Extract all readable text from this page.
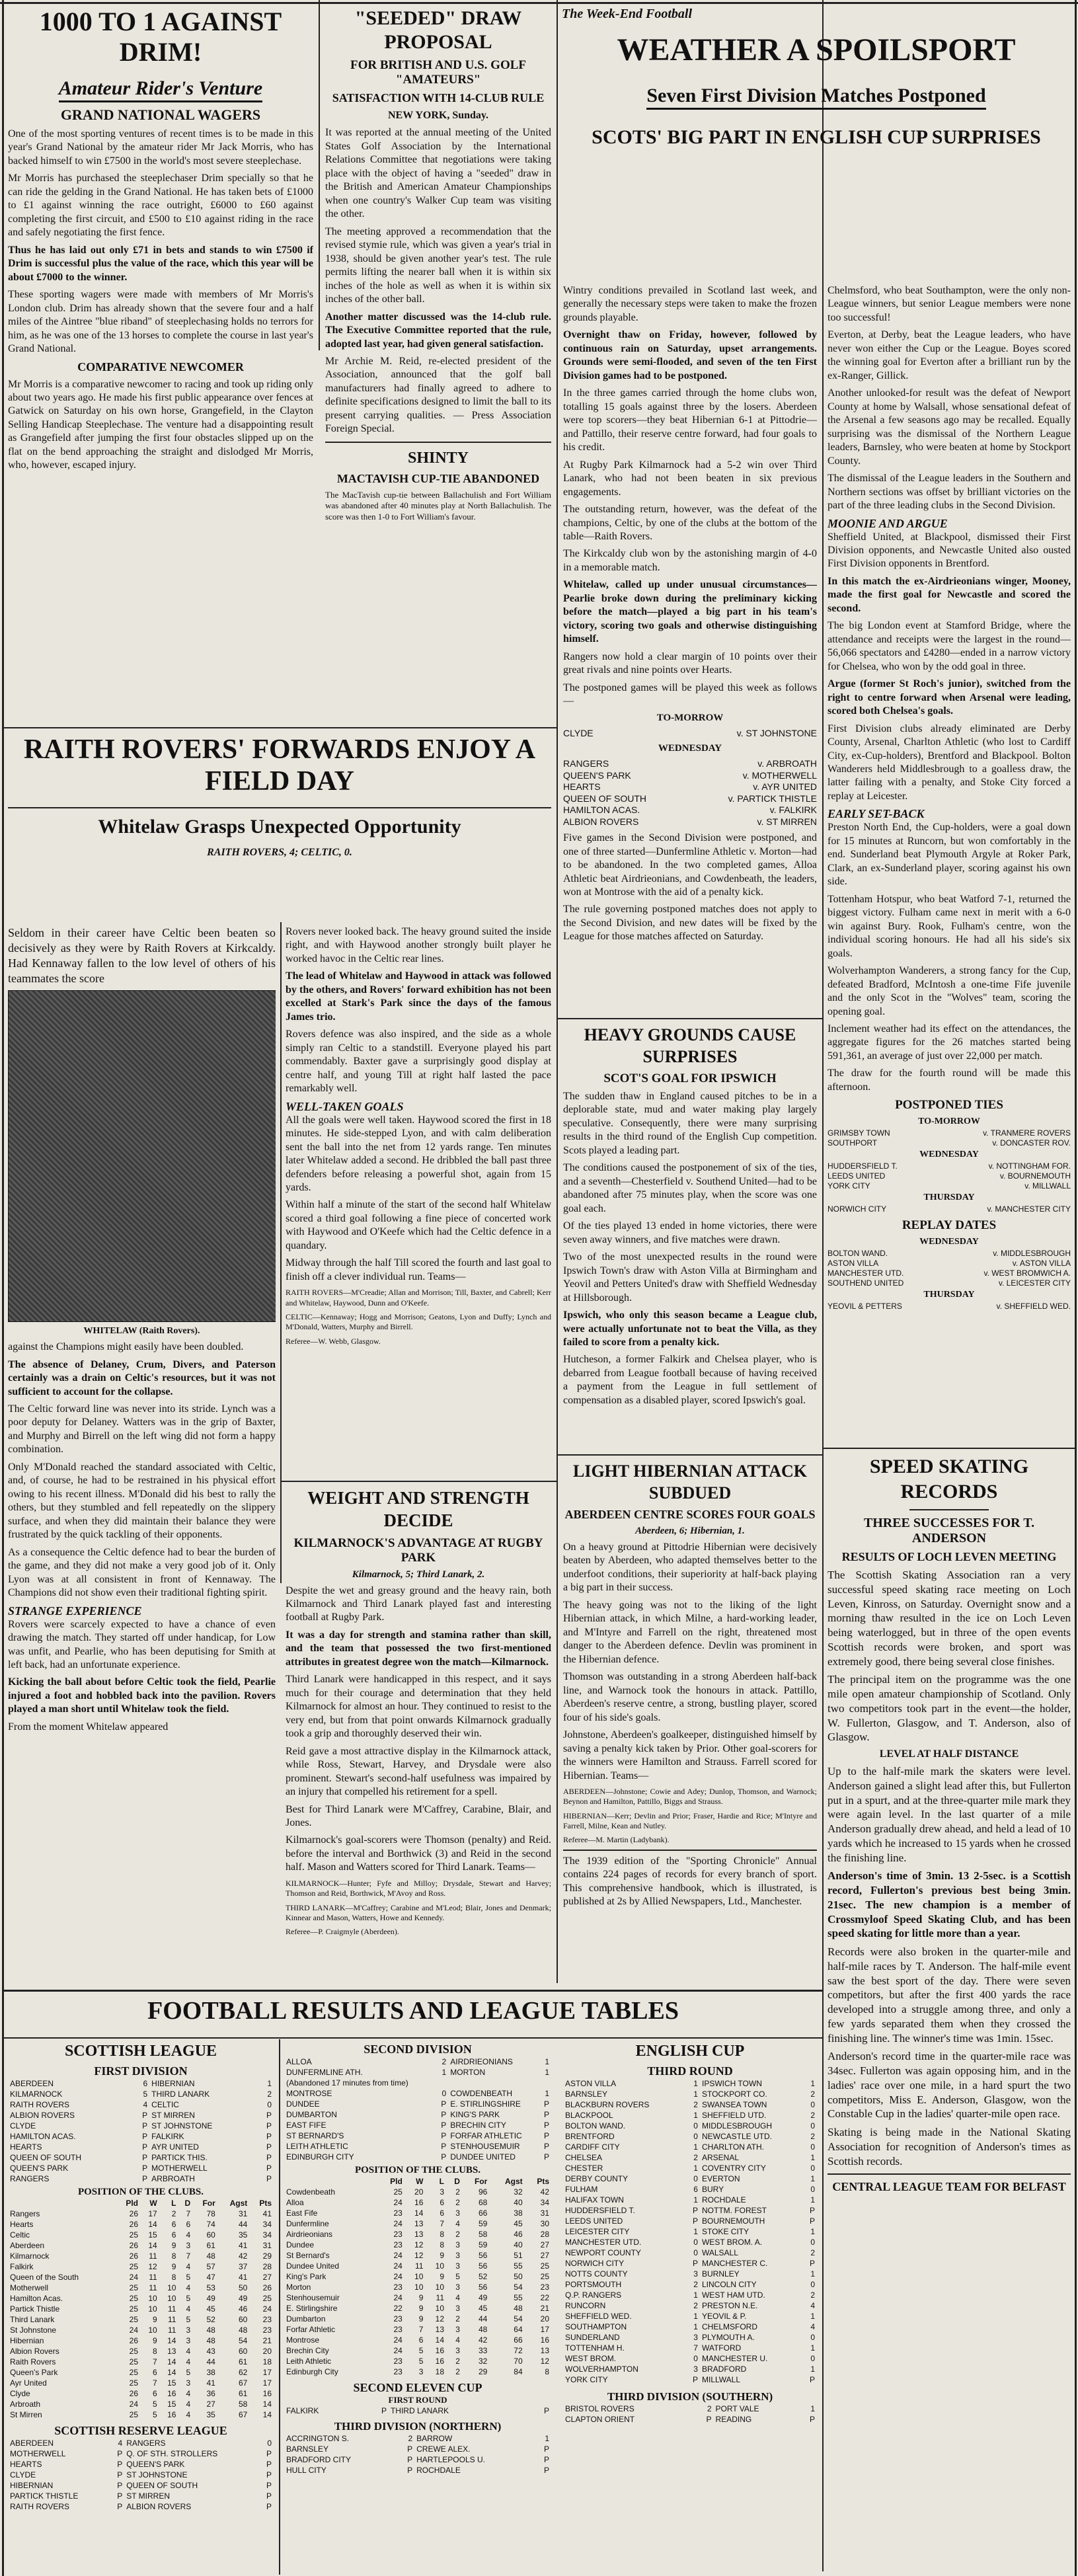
1000 TO 1 AGAINST DRIM!
Amateur Rider's Venture
GRAND NATIONAL WAGERS

One of the most sporting ventures of recent times is to be made in this year's Grand National by the amateur rider Mr Jack Morris, who has backed himself to win £7500 in the world's most severe steeplechase.

Mr Morris has purchased the steeplechaser Drim specially so that he can ride the gelding in the Grand National. He has taken bets of £1000 to £1 against winning the race outright, £6000 to £60 against completing the first circuit, and £500 to £10 against riding in the race and safely negotiating the first fence.

Thus he has laid out only £71 in bets and stands to win £7500 if Drim is successful plus the value of the race, which this year will be about £7000 to the winner.

These sporting wagers were made with members of Mr Morris's London club. Drim has already shown that the severe four and a half miles of the Aintree "blue riband" of steeplechasing holds no terrors for him, as he was one of the 13 horses to complete the course in last year's Grand National.

COMPARATIVE NEWCOMER

Mr Morris is a comparative newcomer to racing and took up riding only about two years ago. He made his first public appearance over fences at Gatwick on Saturday on his own horse, Grangefield, in the Clayton Selling Handicap Steeplechase. The venture had a disappointing result as Grangefield after jumping the first four obstacles slipped up on the flat on the bend approaching the straight and dislodged Mr Morris, who, however, escaped injury.

"SEEDED" DRAW PROPOSAL
FOR BRITISH AND U.S. GOLF "AMATEURS"
SATISFACTION WITH 14-CLUB RULE

NEW YORK, Sunday.

It was reported at the annual meeting of the United States Golf Association by the International Relations Committee that negotiations were taking place with the object of having a "seeded" draw in the British and American Amateur Championships when one country's Walker Cup team was visiting the other.

The meeting approved a recommendation that the revised stymie rule, which was given a year's trial in 1938, should be given another year's test. The rule permits lifting the nearer ball when it is within six inches of the hole as well as when it is within six inches of the other ball.

Another matter discussed was the 14-club rule. The Executive Committee reported that the rule, adopted last year, had given general satisfaction.

Mr Archie M. Reid, re-elected president of the Association, announced that the golf ball manufacturers had finally agreed to adhere to definite specifications designed to limit the ball to its present carrying qualities. — Press Association Foreign Special.

SHINTY
MACTAVISH CUP-TIE ABANDONED

The MacTavish cup-tie between Ballachulish and Fort William was abandoned after 40 minutes play at North Ballachulish. The score was then 1-0 to Fort William's favour.

The Week-End Football
WEATHER A SPOILSPORT
Seven First Division Matches Postponed
SCOTS' BIG PART IN ENGLISH CUP SURPRISES

Wintry conditions prevailed in Scotland last week, and generally the necessary steps were taken to make the frozen grounds playable.

Overnight thaw on Friday, however, followed by continuous rain on Saturday, upset arrangements. Grounds were semi-flooded, and seven of the ten First Division games had to be postponed.

In the three games carried through the home clubs won, totalling 15 goals against three by the losers. Aberdeen were top scorers—they beat Hibernian 6-1 at Pittodrie—and Pattillo, their reserve centre forward, had four goals to his credit.

At Rugby Park Kilmarnock had a 5-2 win over Third Lanark, who had not been beaten in six previous engagements.

The outstanding return, however, was the defeat of the champions, Celtic, by one of the clubs at the bottom of the table—Raith Rovers.

The Kirkcaldy club won by the astonishing margin of 4-0 in a memorable match.

Whitelaw, called up under unusual circumstances—Pearlie broke down during the preliminary kicking before the match—played a big part in his team's victory, scoring two goals and otherwise distinguishing himself.

Rangers now hold a clear margin of 10 points over their great rivals and nine points over Hearts.

The postponed games will be played this week as follows —

TO-MORROW
CLYDE	v. ST JOHNSTONE
WEDNESDAY
RANGERS	v. ARBROATH
QUEEN'S PARK	v. MOTHERWELL
HEARTS	v. AYR UNITED
QUEEN OF SOUTH	v. PARTICK THISTLE
HAMILTON ACAS.	v. FALKIRK
ALBION ROVERS	v. ST MIRREN

Five games in the Second Division were postponed, and one of three started—Dunfermline Athletic v. Morton—had to be abandoned. In the two completed games, Alloa Athletic beat Airdrieonians, and Cowdenbeath, the leaders, won at Montrose with the aid of a penalty kick.

The rule governing postponed matches does not apply to the Second Division, and new dates will be fixed by the League for those matches affected on Saturday.

Chelmsford, who beat Southampton, were the only non-League winners, but senior League members were none too successful!

Everton, at Derby, beat the League leaders, who have never won either the Cup or the League. Boyes scored the winning goal for Everton after a brilliant run by the ex-Ranger, Gillick.

Another unlooked-for result was the defeat of Newport County at home by Walsall, whose sensational defeat of the Arsenal a few seasons ago may be recalled. Equally surprising was the dismissal of the Northern League leaders, Barnsley, who were beaten at home by Stockport County.

The dismissal of the League leaders in the Southern and Northern sections was offset by brilliant victories on the part of the three leading clubs in the Second Division.

MOONIE AND ARGUE

Sheffield United, at Blackpool, dismissed their First Division opponents, and Newcastle United also ousted First Division opponents in Brentford.

In this match the ex-Airdrieonians winger, Mooney, made the first goal for Newcastle and scored the second.

The big London event at Stamford Bridge, where the attendance and receipts were the largest in the round—56,066 spectators and £4280—ended in a narrow victory for Chelsea, who won by the odd goal in three.

Argue (former St Roch's junior), switched from the right to centre forward when Arsenal were leading, scored both Chelsea's goals.

First Division clubs already eliminated are Derby County, Arsenal, Charlton Athletic (who lost to Cardiff City, ex-Cup-holders), Brentford and Blackpool. Bolton Wanderers held Middlesbrough to a goalless draw, the latter failing with a penalty, and Stoke City forced a replay at Leicester.

EARLY SET-BACK

Preston North End, the Cup-holders, were a goal down for 15 minutes at Runcorn, but won comfortably in the end. Sunderland beat Plymouth Argyle at Roker Park, Clark, an ex-Sunderland player, scoring against his own side.

Tottenham Hotspur, who beat Watford 7-1, returned the biggest victory. Fulham came next in merit with a 6-0 win against Bury. Rook, Fulham's centre, won the individual scoring honours. He had all his side's six goals.

Wolverhampton Wanderers, a strong fancy for the Cup, defeated Bradford, McIntosh a one-time Fife juvenile and the only Scot in the "Wolves" team, scoring the opening goal.

Inclement weather had its effect on the attendances, the aggregate figures for the 26 matches started being 591,361, an average of just over 22,000 per match.

The draw for the fourth round will be made this afternoon.

POSTPONED TIES
TO-MORROW
GRIMSBY TOWN	v. TRANMERE ROVERS
SOUTHPORT	v. DONCASTER ROV.
WEDNESDAY
HUDDERSFIELD T.	v. NOTTINGHAM FOR.
LEEDS UNITED	v. BOURNEMOUTH
YORK CITY	v. MILLWALL
THURSDAY
NORWICH CITY	v. MANCHESTER CITY
REPLAY DATES
WEDNESDAY
BOLTON WAND.	v. MIDDLESBROUGH
ASTON VILLA	v. ASTON VILLA
MANCHESTER UTD.	v. WEST BROMWICH A.
SOUTHEND UNITED	v. LEICESTER CITY
THURSDAY
YEOVIL & PETTERS	v. SHEFFIELD WED.
RAITH ROVERS' FORWARDS ENJOY A FIELD DAY
Whitelaw Grasps Unexpected Opportunity
RAITH ROVERS, 4; CELTIC, 0.

Seldom in their career have Celtic been beaten so decisively as they were by Raith Rovers at Kirkcaldy. Had Kennaway fallen to the low level of others of his teammates the score

WHITELAW (Raith Rovers).

against the Champions might easily have been doubled.

The absence of Delaney, Crum, Divers, and Paterson certainly was a drain on Celtic's resources, but it was not sufficient to account for the collapse.

The Celtic forward line was never into its stride. Lynch was a poor deputy for Delaney. Watters was in the grip of Baxter, and Murphy and Birrell on the left wing did not form a happy combination.

Only M'Donald reached the standard associated with Celtic, and, of course, he had to be restrained in his physical effort owing to his recent illness. M'Donald did his best to rally the others, but they stumbled and fell repeatedly on the slippery surface, and when they did maintain their balance they were frustrated by the quick tackling of their opponents.

As a consequence the Celtic defence had to bear the burden of the game, and they did not make a very good job of it. Only Lyon was at all consistent in front of Kennaway. The Champions did not show even their traditional fighting spirit.

STRANGE EXPERIENCE

Rovers were scarcely expected to have a chance of even drawing the match. They started off under handicap, for Low was unfit, and Pearlie, who has been deputising for Smith at left back, had an unfortunate experience.

Kicking the ball about before Celtic took the field, Pearlie injured a foot and hobbled back into the pavilion. Rovers played a man short until Whitelaw took the field.

From the moment Whitelaw appeared

Rovers never looked back. The heavy ground suited the inside right, and with Haywood another strongly built player he worked havoc in the Celtic rear lines.

The lead of Whitelaw and Haywood in attack was followed by the others, and Rovers' forward exhibition has not been excelled at Stark's Park since the days of the famous James trio.

Rovers defence was also inspired, and the side as a whole simply ran Celtic to a standstill. Everyone played his part commendably. Baxter gave a surprisingly good display at centre half, and young Till at right half lasted the pace remarkably well.

WELL-TAKEN GOALS

All the goals were well taken. Haywood scored the first in 18 minutes. He side-stepped Lyon, and with calm deliberation sent the ball into the net from 12 yards range. Ten minutes later Whitelaw added a second. He dribbled the ball past three defenders before releasing a powerful shot, again from 15 yards.

Within half a minute of the start of the second half Whitelaw scored a third goal following a fine piece of concerted work with Haywood and O'Keefe which had the Celtic defence in a quandary.

Midway through the half Till scored the fourth and last goal to finish off a clever individual run. Teams—

RAITH ROVERS—M'Creadie; Allan and Morrison; Till, Baxter, and Cabrell; Kerr and Whitelaw, Haywood, Dunn and O'Keefe.

CELTIC—Kennaway; Hogg and Morrison; Geatons, Lyon and Duffy; Lynch and M'Donald, Watters, Murphy and Birrell.

Referee—W. Webb, Glasgow.

WEIGHT AND STRENGTH DECIDE
KILMARNOCK'S ADVANTAGE AT RUGBY PARK
Kilmarnock, 5; Third Lanark, 2.

Despite the wet and greasy ground and the heavy rain, both Kilmarnock and Third Lanark played fast and interesting football at Rugby Park.

It was a day for strength and stamina rather than skill, and the team that possessed the two first-mentioned attributes in greatest degree won the match—Kilmarnock.

Third Lanark were handicapped in this respect, and it says much for their courage and determination that they held Kilmarnock for almost an hour. They continued to resist to the very end, but from that point onwards Kilmarnock gradually took a grip and thoroughly deserved their win.

Reid gave a most attractive display in the Kilmarnock attack, while Ross, Stewart, Harvey, and Drysdale were also prominent. Stewart's second-half usefulness was impaired by an injury that compelled his retirement for a spell.

Best for Third Lanark were M'Caffrey, Carabine, Blair, and Jones.

Kilmarnock's goal-scorers were Thomson (penalty) and Reid. before the interval and Borthwick (3) and Reid in the second half. Mason and Watters scored for Third Lanark. Teams—

KILMARNOCK—Hunter; Fyfe and Milloy; Drysdale, Stewart and Harvey; Thomson and Reid, Borthwick, M'Avoy and Ross.

THIRD LANARK—M'Caffrey; Carabine and M'Leod; Blair, Jones and Denmark; Kinnear and Mason, Watters, Howe and Kennedy.

Referee—P. Craigmyle (Aberdeen).

HEAVY GROUNDS CAUSE SURPRISES
SCOT'S GOAL FOR IPSWICH

The sudden thaw in England caused pitches to be in a deplorable state, mud and water making play largely speculative. Consequently, there were many surprising results in the third round of the English Cup competition. Scots played a leading part.

The conditions caused the postponement of six of the ties, and a seventh—Chesterfield v. Southend United—had to be abandoned after 75 minutes play, when the score was one goal each.

Of the ties played 13 ended in home victories, there were seven away winners, and five matches were drawn.

Two of the most unexpected results in the round were Ipswich Town's draw with Aston Villa at Birmingham and Yeovil and Petters United's draw with Sheffield Wednesday at Hillsborough.

Ipswich, who only this season became a League club, were actually unfortunate not to beat the Villa, as they failed to score from a penalty kick.

Hutcheson, a former Falkirk and Chelsea player, who is debarred from League football because of having received a payment from the League in full settlement of compensation as a disabled player, scored Ipswich's goal.

LIGHT HIBERNIAN ATTACK SUBDUED
ABERDEEN CENTRE SCORES FOUR GOALS
Aberdeen, 6; Hibernian, 1.

On a heavy ground at Pittodrie Hibernian were decisively beaten by Aberdeen, who adapted themselves better to the underfoot conditions, their superiority at half-back playing a big part in their success.

The heavy going was not to the liking of the light Hibernian attack, in which Milne, a hard-working leader, and M'Intyre and Farrell on the right, threatened most danger to the Aberdeen defence. Devlin was prominent in the Hibernian defence.

Thomson was outstanding in a strong Aberdeen half-back line, and Warnock took the honours in attack. Pattillo, Aberdeen's reserve centre, a strong, bustling player, scored four of his side's goals.

Johnstone, Aberdeen's goalkeeper, distinguished himself by saving a penalty kick taken by Prior. Other goal-scorers for the winners were Hamilton and Strauss. Farrell scored for Hibernian. Teams—

ABERDEEN—Johnstone; Cowie and Adey; Dunlop, Thomson, and Warnock; Beynon and Hamilton, Pattillo, Biggs and Strauss.

HIBERNIAN—Kerr; Devlin and Prior; Fraser, Hardie and Rice; M'Intyre and Farrell, Milne, Kean and Nutley.

Referee—M. Martin (Ladybank).

The 1939 edition of the "Sporting Chronicle" Annual contains 224 pages of records for every branch of sport. This comprehensive handbook, which is illustrated, is published at 2s by Allied Newspapers, Ltd., Manchester.

SPEED SKATING RECORDS
THREE SUCCESSES FOR T. ANDERSON
RESULTS OF LOCH LEVEN MEETING

The Scottish Skating Association ran a very successful speed skating race meeting on Loch Leven, Kinross, on Saturday. Overnight snow and a morning thaw resulted in the ice on Loch Leven being waterlogged, but in three of the open events Scottish records were broken, and sport was extremely good, there being several close finishes.

The principal item on the programme was the one mile open amateur championship of Scotland. Only two competitors took part in the event—the holder, W. Fullerton, Glasgow, and T. Anderson, also of Glasgow.

LEVEL AT HALF DISTANCE

Up to the half-mile mark the skaters were level. Anderson gained a slight lead after this, but Fullerton put in a spurt, and at the three-quarter mile mark they were again level. In the last quarter of a mile Anderson gradually drew ahead, and held a lead of 10 yards which he increased to 15 yards when he crossed the finishing line.

Anderson's time of 3min. 13 2-5sec. is a Scottish record, Fullerton's previous best being 3min. 21sec. The new champion is a member of Crossmyloof Speed Skating Club, and has been speed skating for little more than a year.

Records were also broken in the quarter-mile and half-mile races by T. Anderson. The half-mile event saw the best sport of the day. There were seven competitors, but after the first 400 yards the race developed into a struggle among three, and only a few yards separated them when they crossed the finishing line. The winner's time was 1min. 15sec.

Anderson's record time in the quarter-mile race was 34sec. Fullerton was again opposing him, and in the ladies' race over one mile, in a hard spurt the two competitors, Miss E. Anderson, Glasgow, won the Constable Cup in the ladies' quarter-mile open race.

Skating is being made in the National Skating Association for recognition of Anderson's times as Scottish records.

CENTRAL LEAGUE TEAM FOR BELFAST
FOOTBALL RESULTS AND LEAGUE TABLES
SCOTTISH LEAGUE
FIRST DIVISION
ABERDEEN	6	HIBERNIAN	1
KILMARNOCK	5	THIRD LANARK	2
RAITH ROVERS	4	CELTIC	0
ALBION ROVERS	P	ST MIRREN	P
CLYDE	P	ST JOHNSTONE	P
HAMILTON ACAS.	P	FALKIRK	P
HEARTS	P	AYR UNITED	P
QUEEN OF SOUTH	P	PARTICK THIS.	P
QUEEN'S PARK	P	MOTHERWELL	P
RANGERS	P	ARBROATH	P
POSITION OF THE CLUBS.
	Pld	W	L	D	For	Agst	Pts
Rangers	26	17	2	7	78	31	41
Hearts	26	14	6	6	74	44	34
Celtic	25	15	6	4	60	35	34
Aberdeen	26	14	9	3	61	41	31
Kilmarnock	26	11	8	7	48	42	29
Falkirk	25	12	9	4	57	37	28
Queen of the South	24	11	8	5	47	41	27
Motherwell	25	11	10	4	53	50	26
Hamilton Acas.	25	10	10	5	49	49	25
Partick Thistle	25	10	11	4	45	46	24
Third Lanark	25	9	11	5	52	60	23
St Johnstone	24	10	11	3	48	48	23
Hibernian	26	9	14	3	48	54	21
Albion Rovers	25	8	13	4	43	60	20
Raith Rovers	25	7	14	4	44	61	18
Queen's Park	25	6	14	5	38	62	17
Ayr United	25	7	15	3	41	67	17
Clyde	26	6	16	4	36	61	16
Arbroath	24	5	15	4	27	58	14
St Mirren	25	5	16	4	35	67	14
SCOTTISH RESERVE LEAGUE
ABERDEEN	4	RANGERS	0
MOTHERWELL	P	Q. OF STH. STROLLERS	P
HEARTS	P	QUEEN'S PARK	P
CLYDE	P	ST JOHNSTONE	P
HIBERNIAN	P	QUEEN OF SOUTH	P
PARTICK THISTLE	P	ST MIRREN	P
RAITH ROVERS	P	ALBION ROVERS	P
SECOND DIVISION
ALLOA	2	AIRDRIEONIANS	1
DUNFERMLINE ATH.	1	MORTON	1
(Abandoned 17 minutes from time)			
MONTROSE	0	COWDENBEATH	1
DUNDEE	P	E. STIRLINGSHIRE	P
DUMBARTON	P	KING'S PARK	P
EAST FIFE	P	BRECHIN CITY	P
ST BERNARD'S	P	FORFAR ATHLETIC	P
LEITH ATHLETIC	P	STENHOUSEMUIR	P
EDINBURGH CITY	P	DUNDEE UNITED	P
POSITION OF THE CLUBS.
	Pld	W	L	D	For	Agst	Pts
Cowdenbeath	25	20	3	2	96	32	42
Alloa	24	16	6	2	68	40	34
East Fife	23	14	6	3	66	38	31
Dunfermline	24	13	7	4	59	45	30
Airdrieonians	23	13	8	2	58	46	28
Dundee	23	12	8	3	59	40	27
St Bernard's	24	12	9	3	56	51	27
Dundee United	24	11	10	3	56	55	25
King's Park	24	10	9	5	52	50	25
Morton	23	10	10	3	56	54	23
Stenhousemuir	24	9	11	4	49	55	22
E. Stirlingshire	22	9	10	3	45	48	21
Dumbarton	23	9	12	2	44	54	20
Forfar Athletic	23	7	13	3	48	64	17
Montrose	24	6	14	4	42	66	16
Brechin City	24	5	16	3	33	72	13
Leith Athletic	23	5	16	2	32	70	12
Edinburgh City	23	3	18	2	29	84	8
SECOND ELEVEN CUP
FIRST ROUND
FALKIRK	P	THIRD LANARK	P
THIRD DIVISION (NORTHERN)
ACCRINGTON S.	2	BARROW	1
BARNSLEY	P	CREWE ALEX.	P
BRADFORD CITY	P	HARTLEPOOLS U.	P
HULL CITY	P	ROCHDALE	P
ENGLISH CUP
THIRD ROUND
ASTON VILLA	1	IPSWICH TOWN	1
BARNSLEY	1	STOCKPORT CO.	2
BLACKBURN ROVERS	2	SWANSEA TOWN	0
BLACKPOOL	1	SHEFFIELD UTD.	2
BOLTON WAND.	0	MIDDLESBROUGH	0
BRENTFORD	0	NEWCASTLE UTD.	2
CARDIFF CITY	1	CHARLTON ATH.	0
CHELSEA	2	ARSENAL	1
CHESTER	1	COVENTRY CITY	0
DERBY COUNTY	0	EVERTON	1
FULHAM	6	BURY	0
HALIFAX TOWN	1	ROCHDALE	1
HUDDERSFIELD T.	P	NOTTM. FOREST	P
LEEDS UNITED	P	BOURNEMOUTH	P
LEICESTER CITY	1	STOKE CITY	1
MANCHESTER UTD.	0	WEST BROM. A.	0
NEWPORT COUNTY	0	WALSALL	2
NORWICH CITY	P	MANCHESTER C.	P
NOTTS COUNTY	3	BURNLEY	1
PORTSMOUTH	2	LINCOLN CITY	0
Q.P. RANGERS	1	WEST HAM UTD.	2
RUNCORN	2	PRESTON N.E.	4
SHEFFIELD WED.	1	YEOVIL & P.	1
SOUTHAMPTON	1	CHELMSFORD	4
SUNDERLAND	3	PLYMOUTH A.	0
TOTTENHAM H.	7	WATFORD	1
WEST BROM.	0	MANCHESTER U.	0
WOLVERHAMPTON	3	BRADFORD	1
YORK CITY	P	MILLWALL	P
THIRD DIVISION (SOUTHERN)
BRISTOL ROVERS	2	PORT VALE	1
CLAPTON ORIENT	P	READING	P
